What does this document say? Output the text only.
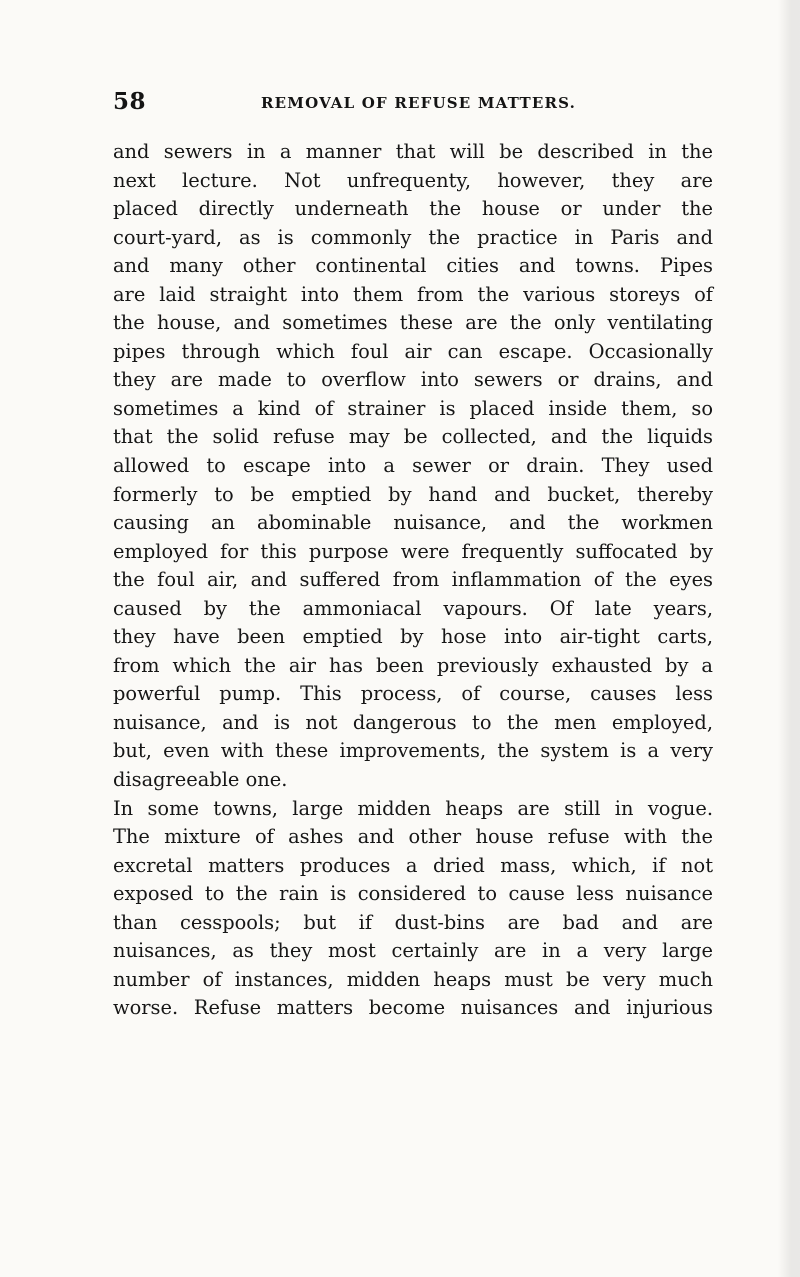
58	REMOVAL OF REFUSE MATTERS.
and sewers in a manner that will be described in the
next lecture. Not unfrequenty, however, they are
placed directly underneath the house or under the
court-yard, as is commonly the practice in Paris and
and many other continental cities and towns. Pipes
are laid straight into them from the various storeys of
the house, and sometimes these are the only ventilating
pipes through which foul air can escape. Occasionally
they are made to overflow into sewers or drains, and
sometimes a kind of strainer is placed inside them, so
that the solid refuse may be collected, and the liquids
allowed to escape into a sewer or drain. They used
formerly to be emptied by hand and bucket, thereby
causing an abominable nuisance, and the workmen
employed for this purpose were frequently suffocated by
the foul air, and suffered from inflammation of the eyes
caused by the ammoniacal vapours. Of late years,
they have been emptied by hose into air-tight carts,
from which the air has been previously exhausted by a
powerful pump. This process, of course, causes less
nuisance, and is not dangerous to the men employed,
but, even with these improvements, the system is a very
disagreeable one.
In some towns, large midden heaps are still in vogue.
The mixture of ashes and other house refuse with the
excretal matters produces a dried mass, which, if not
exposed to the rain is considered to cause less nuisance
than cesspools; but if dust-bins are bad and are
nuisances, as they most certainly are in a very large
number of instances, midden heaps must be very much
worse. Refuse matters become nuisances and injurious
